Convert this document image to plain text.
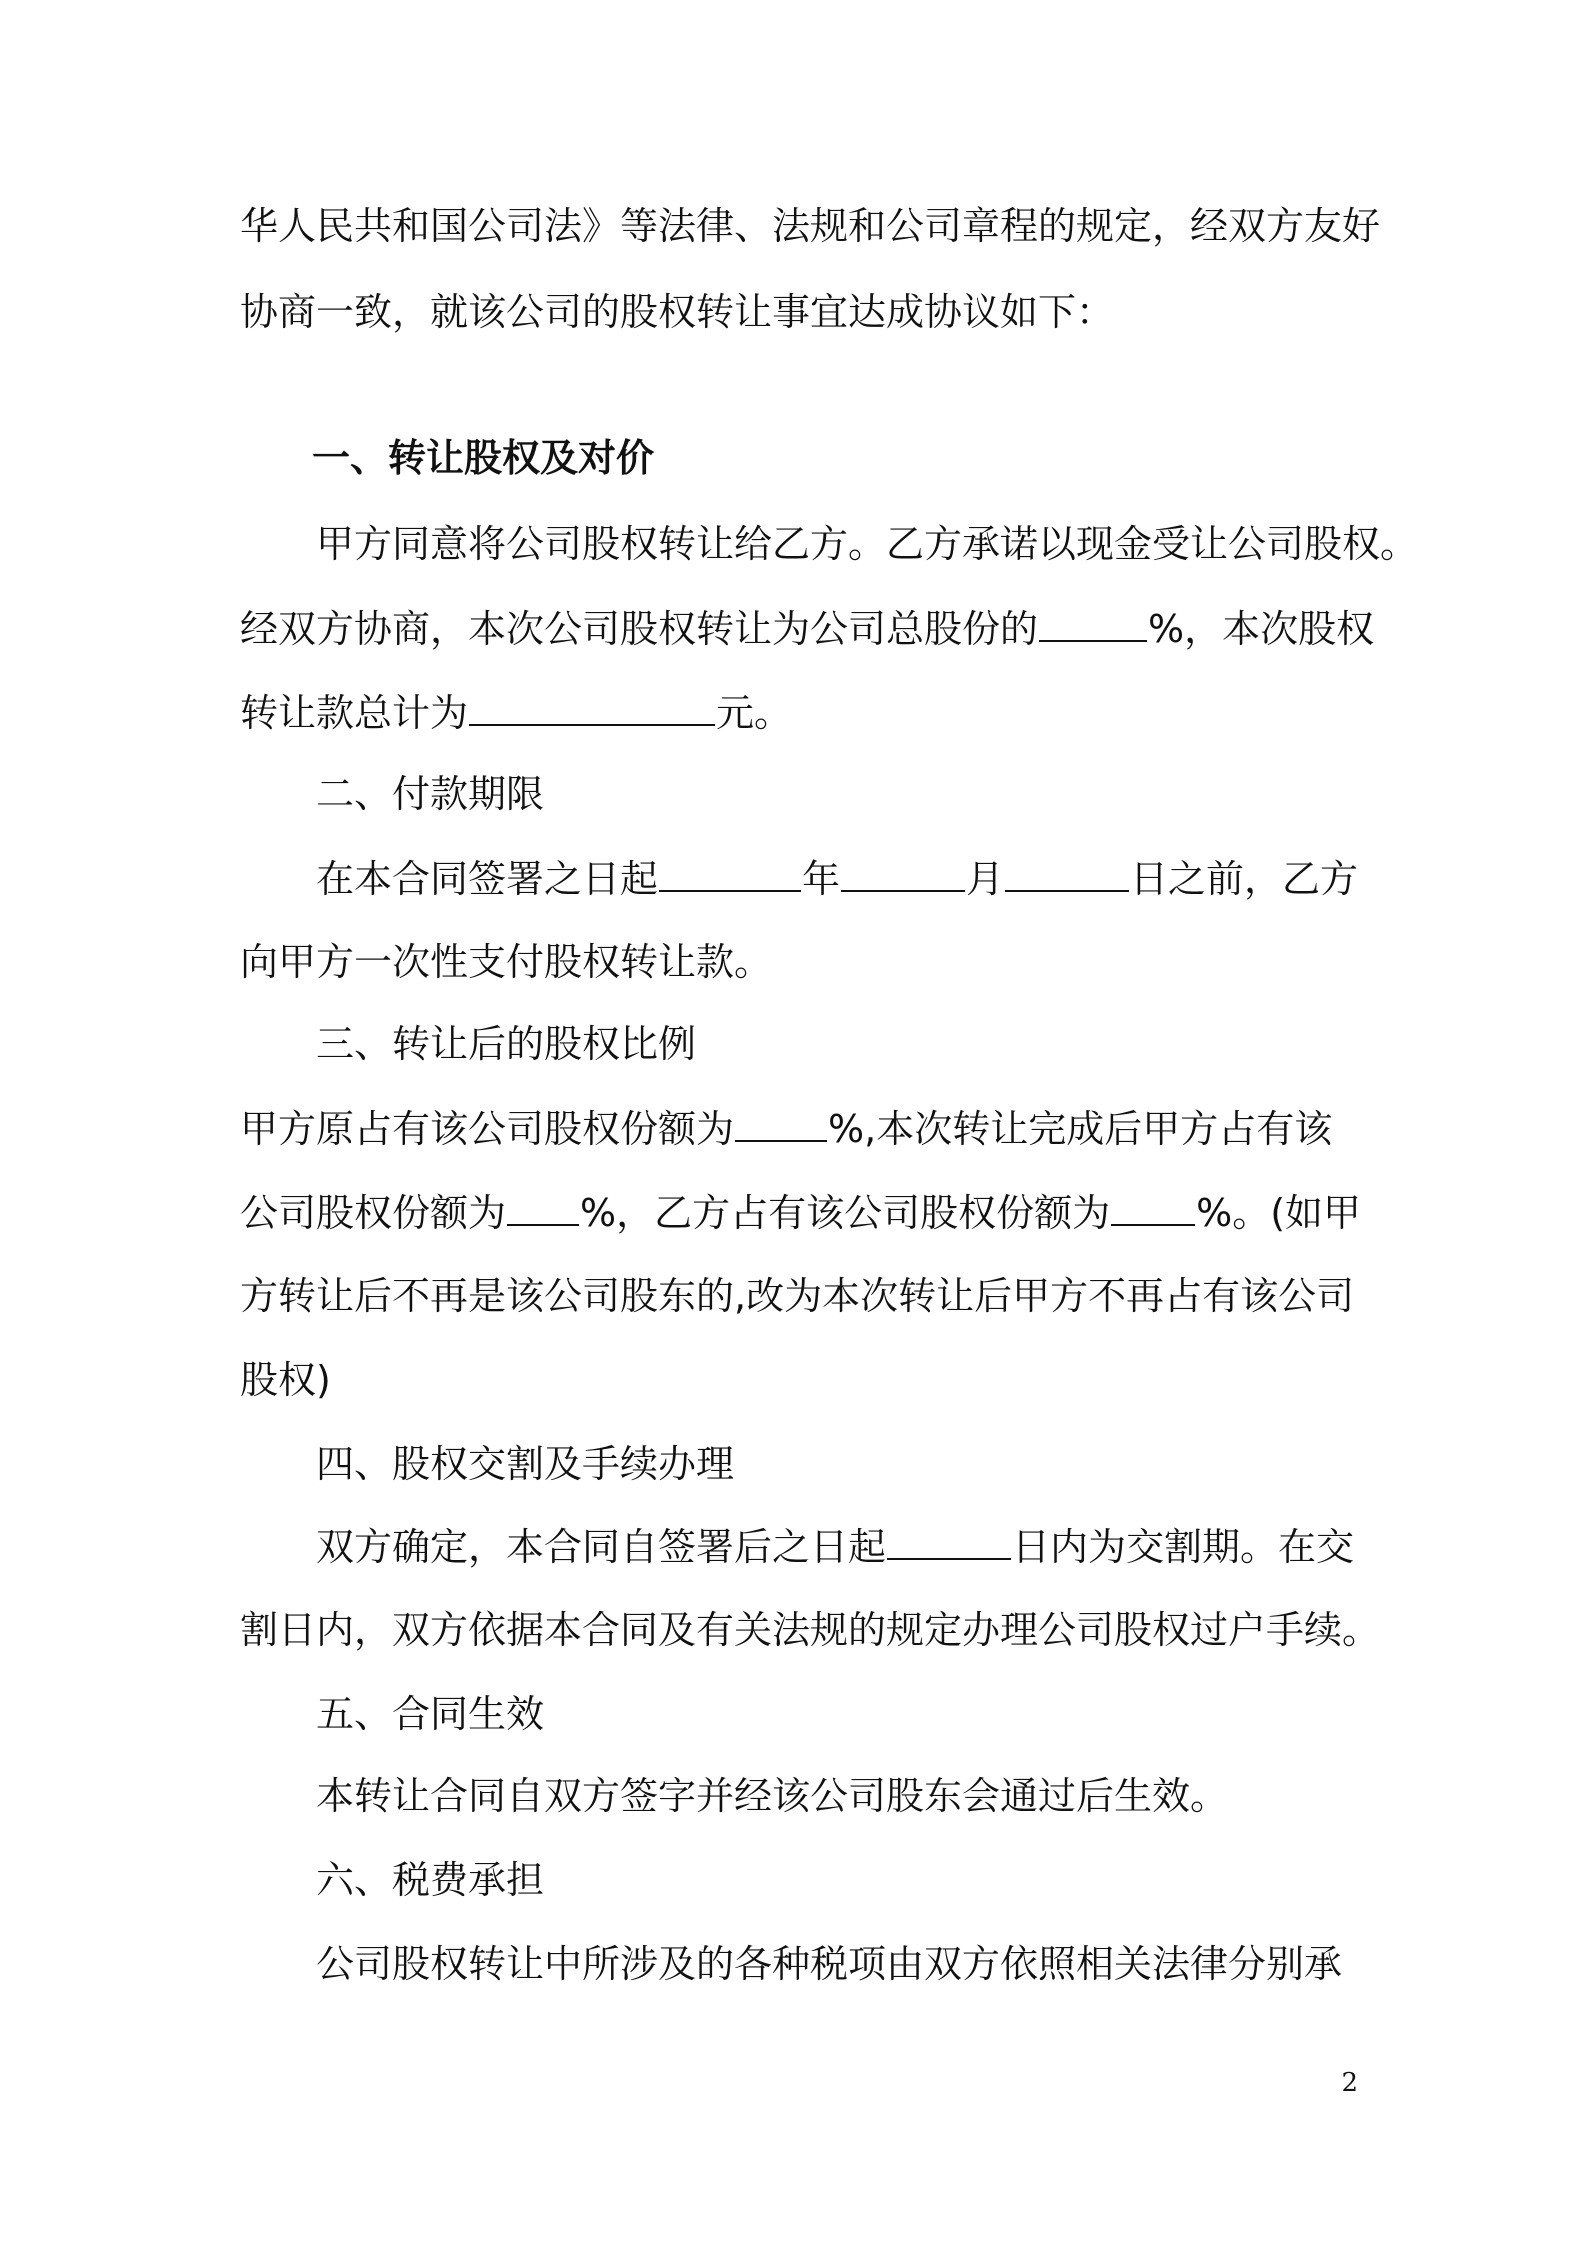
华人民共和国公司法》等法律、法规和公司章程的规定，经双方友好
协商一致，就该公司的股权转让事宜达成协议如下：
一、转让股权及对价
甲方同意将公司股权转让给乙方。乙方承诺以现金受让公司股权。
经双方协商，本次公司股权转让为公司总股份的	%，本次股权
转让款总计为	元。
二、付款期限
在本合同签署之日起	年	月	日之前，乙方
向甲方一次性支付股权转让款。
三、转让后的股权比例
甲方原占有该公司股权份额为 %,本次转让完成后甲方占有该
公司股权份额为 %，乙方占有该公司股权份额为 %。(如甲
方转让后不再是该公司股东的,改为本次转让后甲方不再占有该公司
股权)
四、股权交割及手续办理
双方确定，本合同自签署后之日起	日内为交割期。在交
割日内，双方依据本合同及有关法规的规定办理公司股权过户手续。
五、合同生效
本转让合同自双方签字并经该公司股东会通过后生效。
六、税费承担
公司股权转让中所涉及的各种税项由双方依照相关法律分别承
2
